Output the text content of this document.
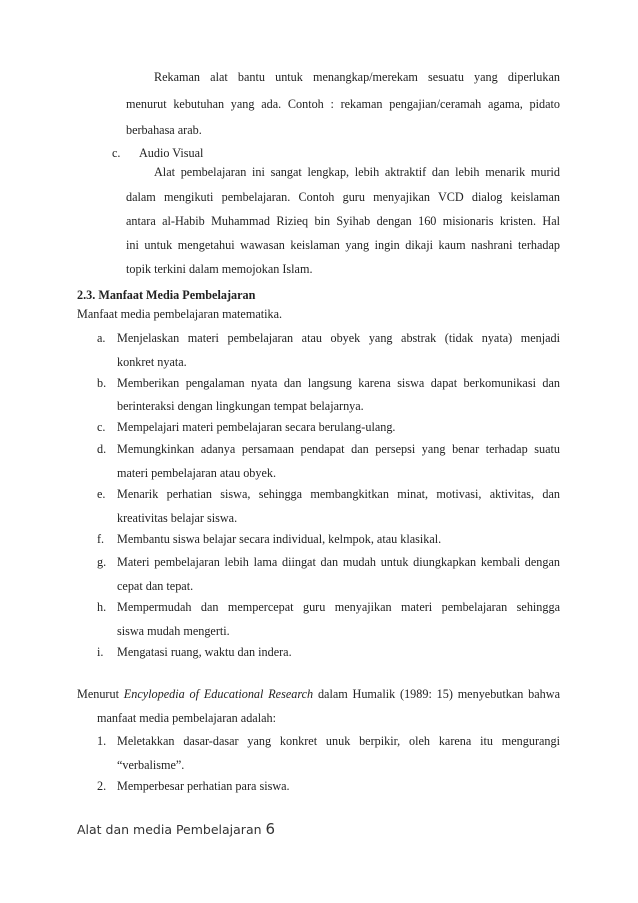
Rekaman alat bantu untuk menangkap/merekam sesuatu yang diperlukan
menurut kebutuhan yang ada. Contoh : rekaman pengajian/ceramah agama, pidato
berbahasa arab.
c. Audio Visual
Alat pembelajaran ini sangat lengkap, lebih aktraktif dan lebih menarik murid
dalam mengikuti pembelajaran. Contoh guru menyajikan VCD dialog keislaman
antara al-Habib Muhammad Rizieq bin Syihab dengan 160 misionaris kristen. Hal
ini untuk mengetahui wawasan keislaman yang ingin dikaji kaum nashrani terhadap
topik terkini dalam memojokan Islam.
2.3. Manfaat Media Pembelajaran
Manfaat media pembelajaran matematika.
a. Menjelaskan materi pembelajaran atau obyek yang abstrak (tidak nyata) menjadi
konkret nyata.
b. Memberikan pengalaman nyata dan langsung karena siswa dapat berkomunikasi dan
berinteraksi dengan lingkungan tempat belajarnya.
c. Mempelajari materi pembelajaran secara berulang-ulang.
d. Memungkinkan adanya persamaan pendapat dan persepsi yang benar terhadap suatu
materi pembelajaran atau obyek.
e. Menarik perhatian siswa, sehingga membangkitkan minat, motivasi, aktivitas, dan
kreativitas belajar siswa.
f. Membantu siswa belajar secara individual, kelmpok, atau klasikal.
g. Materi pembelajaran lebih lama diingat dan mudah untuk diungkapkan kembali dengan
cepat dan tepat.
h. Mempermudah dan mempercepat guru menyajikan materi pembelajaran sehingga
siswa mudah mengerti.
i. Mengatasi ruang, waktu dan indera.
Menurut Encylopedia of Educational Research dalam Humalik (1989: 15) menyebutkan bahwa
manfaat media pembelajaran adalah:
1. Meletakkan dasar-dasar yang konkret unuk berpikir, oleh karena itu mengurangi
“verbalisme”.
2. Memperbesar perhatian para siswa.
Alat dan media Pembelajaran 6
